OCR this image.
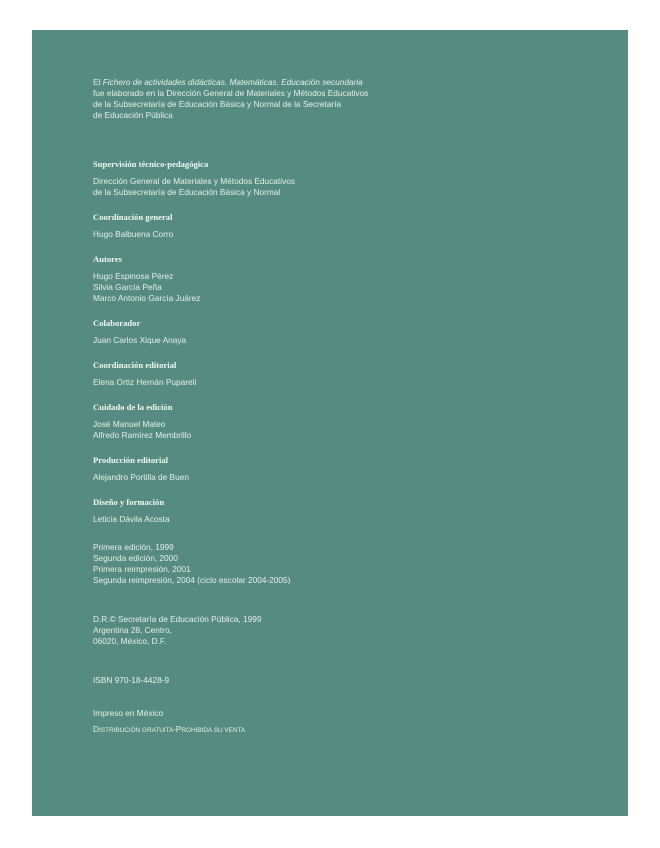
El Fichero de actividades didácticas. Matemáticas. Educación secundaria
fue elaborado en la Dirección General de Materiales y Métodos Educativos
de la Subsecretaría de Educación Básica y Normal de la Secretaría
de Educación Pública
Supervisión técnico-pedagógica

Dirección General de Materiales y Métodos Educativos
de la Subsecretaría de Educación Básica y Normal

Coordinación general

Hugo Balbuena Corro

Autores

Hugo Espinosa Pérez
Silvia García Peña
Marco Antonio García Juárez

Colaborador

Juan Carlos Xique Anaya

Coordinación editorial

Elena Ortiz Hernán Pupareli

Cuidado de la edición

José Manuel Mateo
Alfredo Ramírez Membrillo

Producción editorial

Alejandro Portilla de Buen

Diseño y formación

Leticia Dávila Acosta

Primera edición, 1999
Segunda edición, 2000
Primera reimpresión, 2001
Segunda reimpresión, 2004 (ciclo escolar 2004-2005)
D.R.© Secretaría de Educación Pública, 1999
Argentina 28, Centro,
06020, México, D.F.
ISBN 970-18-4428-9
Impreso en México
DISTRIBUCIÓN GRATUITA-PROHIBIDA SU VENTA
